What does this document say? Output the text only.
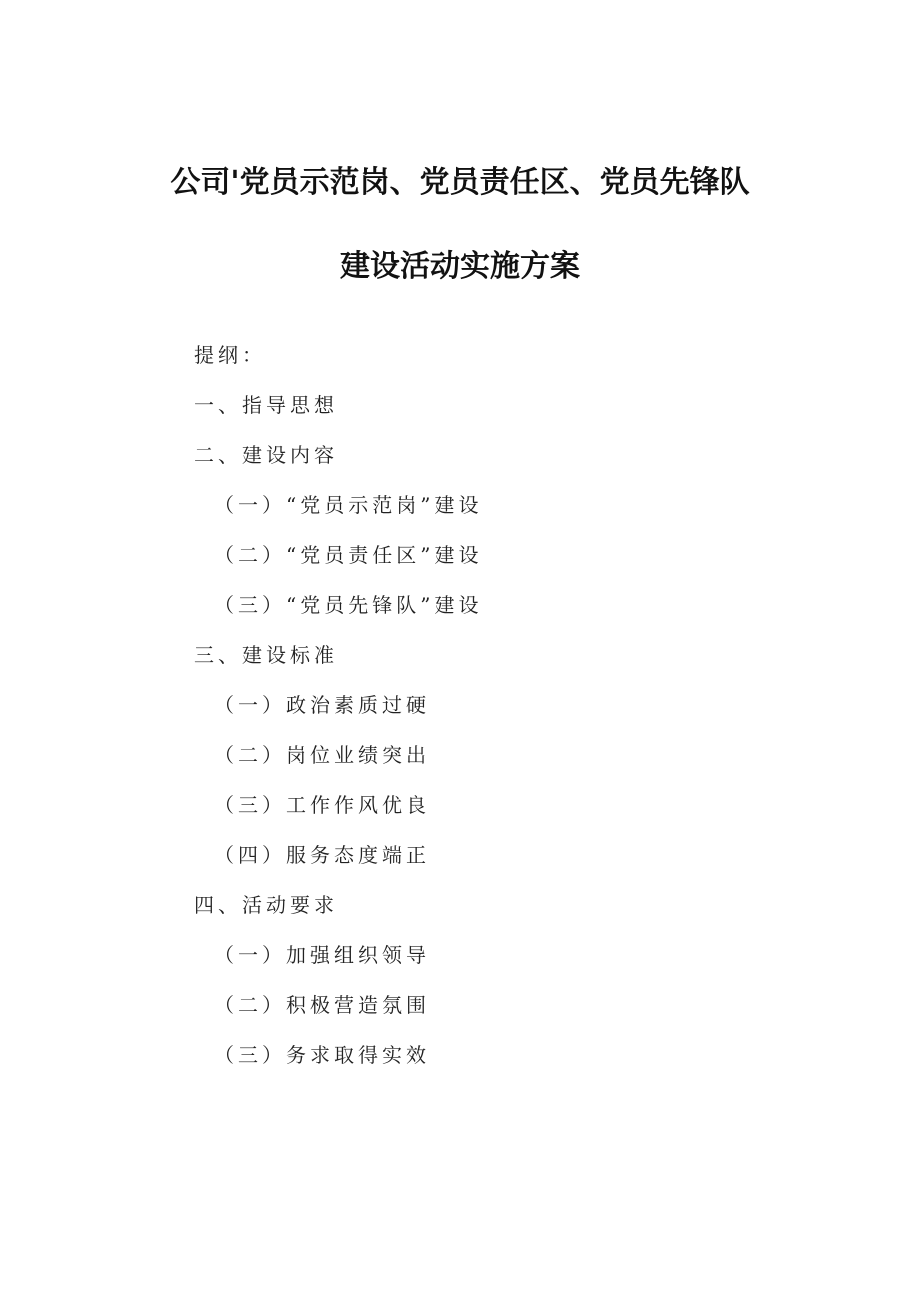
公司'党员示范岗、党员责任区、党员先锋队
建设活动实施方案
提纲：
一、指导思想
二、建设内容
（一）“党员示范岗”建设
（二）“党员责任区”建设
（三）“党员先锋队”建设
三、建设标准
（一）政治素质过硬
（二）岗位业绩突出
（三）工作作风优良
（四）服务态度端正
四、活动要求
（一）加强组织领导
（二）积极营造氛围
（三）务求取得实效
